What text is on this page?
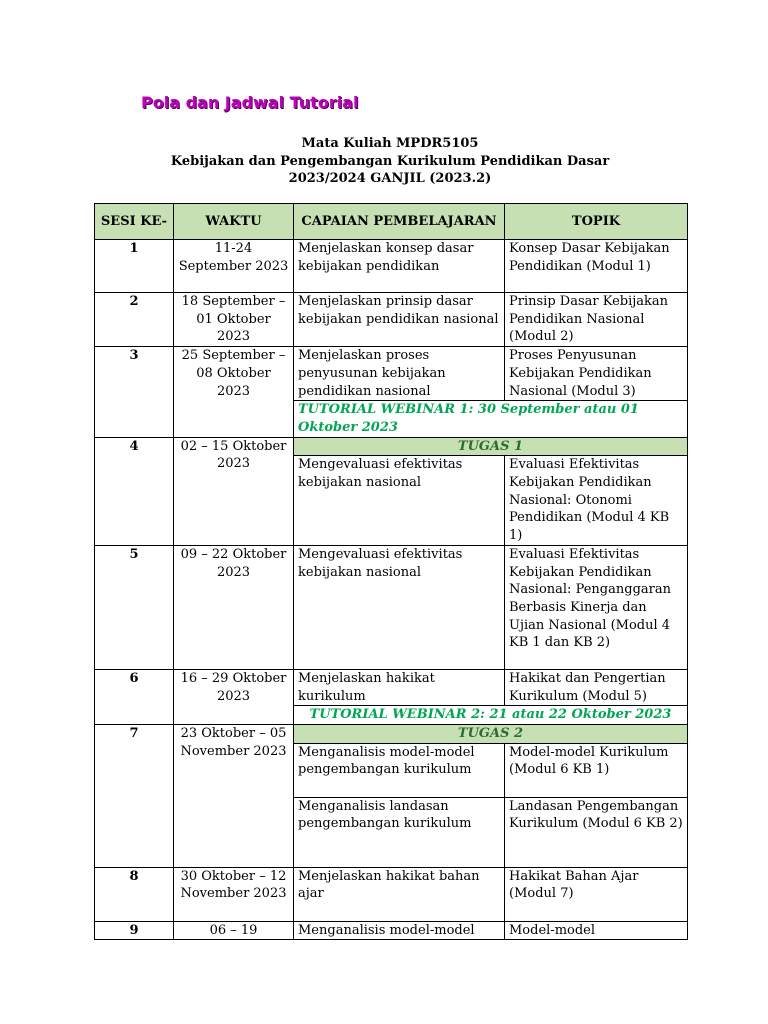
Pola dan Jadwal Tutorial
Mata Kuliah MPDR5105
Kebijakan dan Pengembangan Kurikulum Pendidikan Dasar
2023/2024 GANJIL (2023.2)
SESI KE-	WAKTU	CAPAIAN PEMBELAJARAN	TOPIK
1	11-24 September 2023	Menjelaskan konsep dasar kebijakan pendidikan	Konsep Dasar Kebijakan Pendidikan (Modul 1)
2	18 September – 01 Oktober 2023	Menjelaskan prinsip dasar kebijakan pendidikan nasional	Prinsip Dasar Kebijakan Pendidikan Nasional (Modul 2)
3	25 September – 08 Oktober 2023	Menjelaskan proses penyusunan kebijakan pendidikan nasional	Proses Penyusunan Kebijakan Pendidikan Nasional (Modul 3)
		TUTORIAL WEBINAR 1: 30 September atau 01 Oktober 2023	
4	02 – 15 Oktober 2023	TUGAS 1	
		Mengevaluasi efektivitas kebijakan nasional	Evaluasi Efektivitas Kebijakan Pendidikan Nasional: Otonomi Pendidikan (Modul 4 KB 1)
5	09 – 22 Oktober 2023	Mengevaluasi efektivitas kebijakan nasional	Evaluasi Efektivitas Kebijakan Pendidikan Nasional: Penganggaran Berbasis Kinerja dan Ujian Nasional (Modul 4 KB 1 dan KB 2)
6	16 – 29 Oktober 2023	Menjelaskan hakikat kurikulum	Hakikat dan Pengertian Kurikulum (Modul 5)
		TUTORIAL WEBINAR 2: 21 atau 22 Oktober 2023	
7	23 Oktober – 05 November 2023	TUGAS 2	
		Menganalisis model-model pengembangan kurikulum	Model-model Kurikulum (Modul 6 KB 1)
		Menganalisis landasan pengembangan kurikulum	Landasan Pengembangan Kurikulum (Modul 6 KB 2)
8	30 Oktober – 12 November 2023	Menjelaskan hakikat bahan ajar	Hakikat Bahan Ajar (Modul 7)
9	06 – 19	Menganalisis model-model	Model-model
